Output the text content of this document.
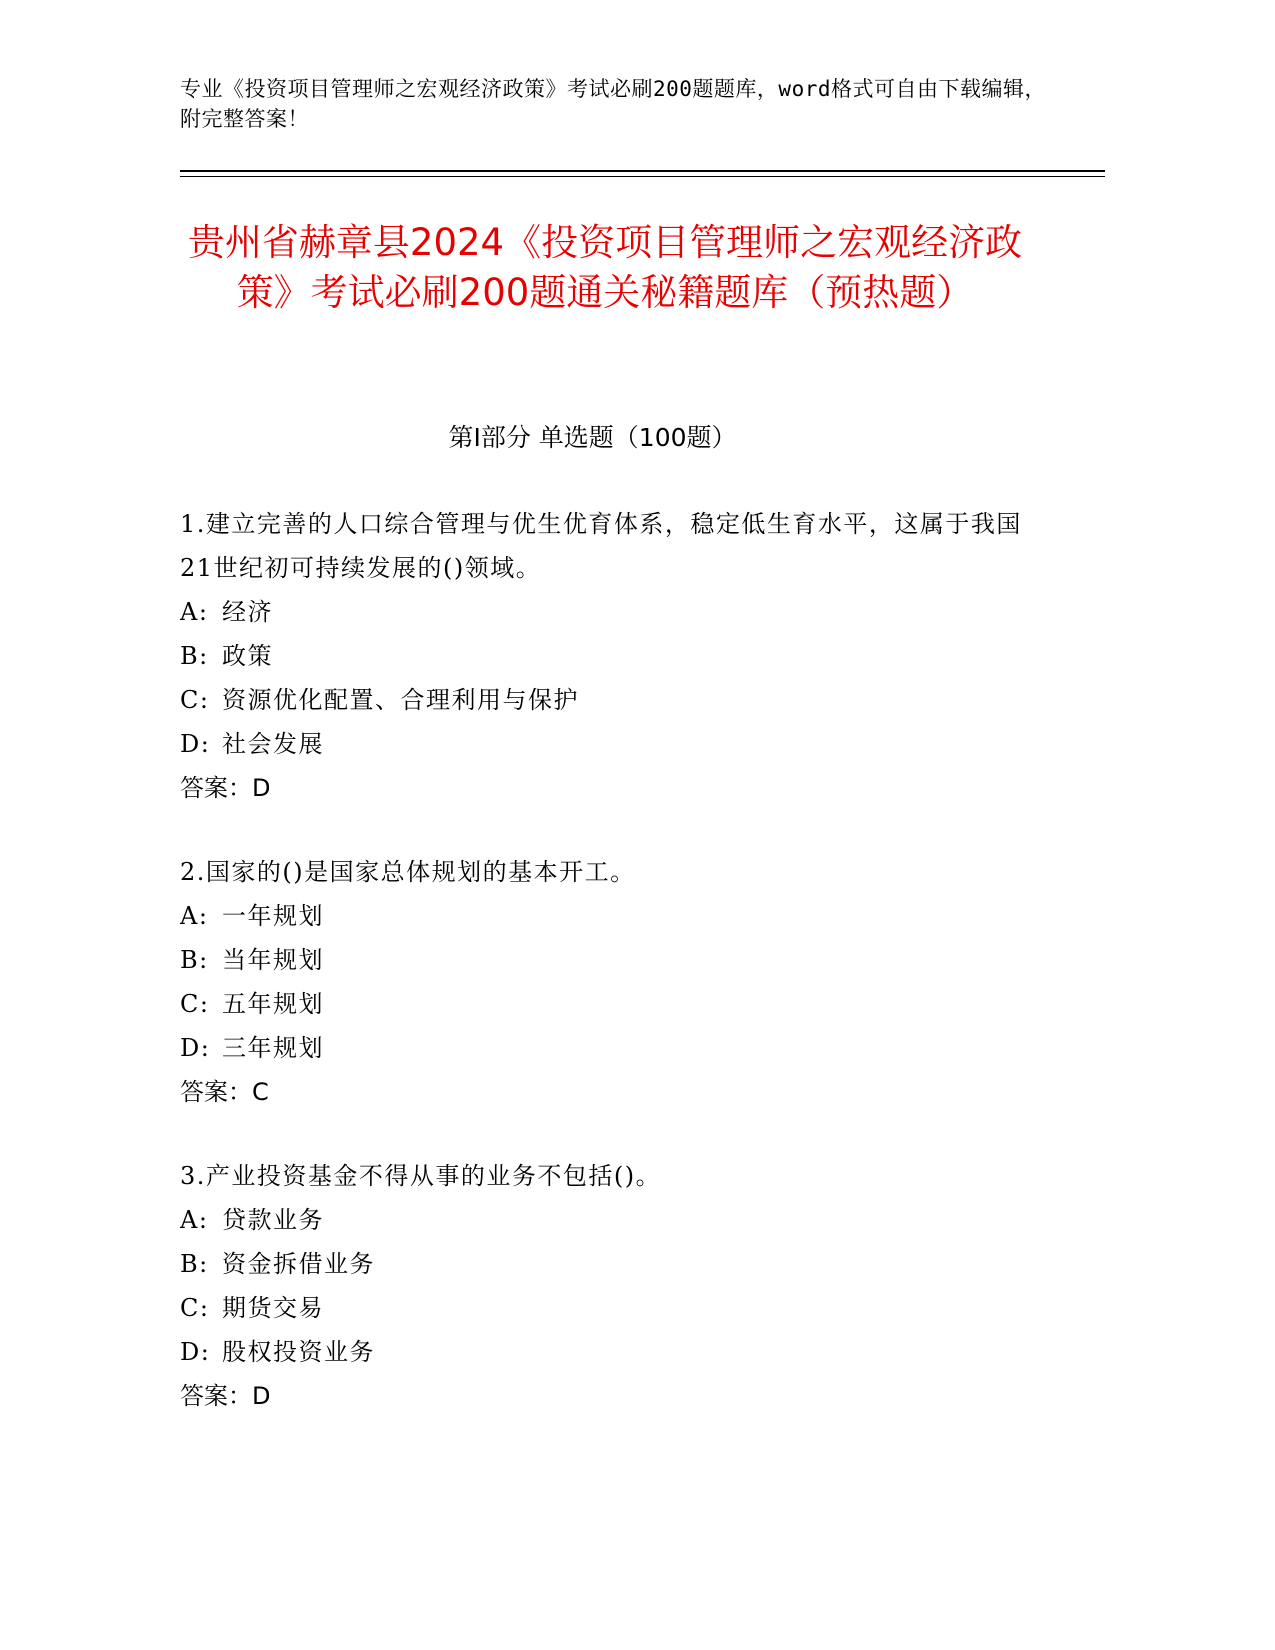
专业《投资项目管理师之宏观经济政策》考试必刷200题题库，word格式可自由下载编辑，附完整答案！
贵州省赫章县2024《投资项目管理师之宏观经济政策》考试必刷200题通关秘籍题库（预热题）
第Ⅰ部分 单选题（100题）
1.建立完善的人口综合管理与优生优育体系，稳定低生育水平，这属于我国21世纪初可持续发展的()领域。
A: 经济
B: 政策
C: 资源优化配置、合理利用与保护
D: 社会发展
答案：D
2.国家的()是国家总体规划的基本开工。
A: 一年规划
B: 当年规划
C: 五年规划
D: 三年规划
答案：C
3.产业投资基金不得从事的业务不包括()。
A: 贷款业务
B: 资金拆借业务
C: 期货交易
D: 股权投资业务
答案：D
